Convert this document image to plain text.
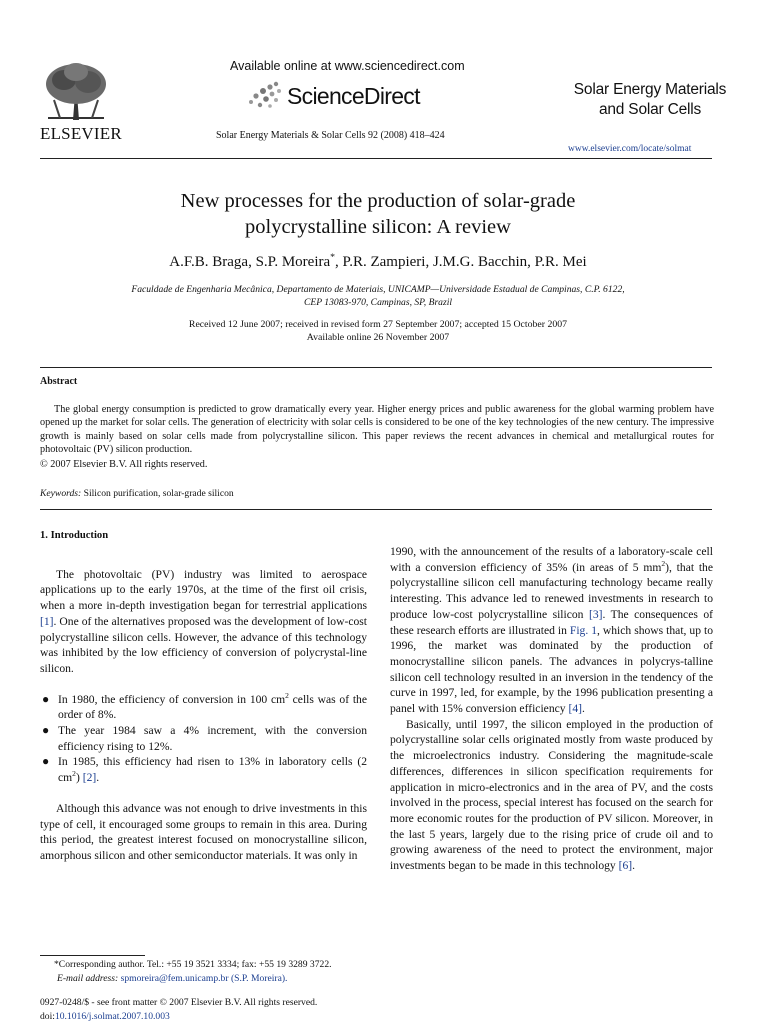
ELSEVIER
Available online at www.sciencedirect.com
ScienceDirect
Solar Energy Materials & Solar Cells 92 (2008) 418–424
Solar Energy Materials
and Solar Cells
www.elsevier.com/locate/solmat
New processes for the production of solar-grade
polycrystalline silicon: A review
A.F.B. Braga, S.P. Moreira*, P.R. Zampieri, J.M.G. Bacchin, P.R. Mei
Faculdade de Engenharia Mecânica, Departamento de Materiais, UNICAMP—Universidade Estadual de Campinas, C.P. 6122,
CEP 13083-970, Campinas, SP, Brazil
Received 12 June 2007; received in revised form 27 September 2007; accepted 15 October 2007
Available online 26 November 2007
Abstract
The global energy consumption is predicted to grow dramatically every year. Higher energy prices and public awareness for the global warming problem have opened up the market for solar cells. The generation of electricity with solar cells is considered to be one of the key technologies of the new century. The impressive growth is mainly based on solar cells made from polycrystalline silicon. This paper reviews the recent advances in chemical and metallurgical routes for photovoltaic (PV) silicon production.
© 2007 Elsevier B.V. All rights reserved.
Keywords: Silicon purification, solar-grade silicon
1. Introduction

The photovoltaic (PV) industry was limited to aerospace applications up to the early 1970s, at the time of the first oil crisis, when a more in-depth investigation began for terrestrial applications [1]. One of the alternatives proposed was the development of low-cost polycrystalline silicon cells. However, the advance of this technology was inhibited by the low efficiency of conversion of polycrystal-line silicon.

● In 1980, the efficiency of conversion in 100 $cm^2$ cells was of the order of 8%.
● The year 1984 saw a 4% increment, with the conversion efficiency rising to 12%.
● In 1985, this efficiency had risen to 13% in laboratory cells (2 $cm^2$) [2].

Although this advance was not enough to drive investments in this type of cell, it encouraged some groups to remain in this area. During this period, the greatest interest focused on monocrystalline silicon, amorphous silicon and other semiconductor materials. It was only in

1990, with the announcement of the results of a laboratory-scale cell with a conversion efficiency of 35% (in areas of 5 $mm^2$), that the polycrystalline silicon cell manufacturing technology became really interesting. This advance led to renewed investments in research to produce low-cost polycrystalline silicon [3]. The consequences of these research efforts are illustrated in Fig. 1, which shows that, up to 1996, the market was dominated by the production of monocrystalline silicon panels. The advances in polycrys-talline silicon cell technology resulted in an inversion in the tendency of the curve in 1997, led, for example, by the 1996 publication presenting a panel with 15% conversion efficiency [4].

Basically, until 1997, the silicon employed in the production of polycrystalline solar cells originated mostly from waste produced by the microelectronics industry. Considering the magnitude-scale differences, differences in silicon specification requirements for application in micro-electronics and in the area of PV, and the costs involved in the process, special interest has focused on the search for more economic routes for the production of PV silicon. Moreover, in the last 5 years, largely due to the rising price of crude oil and to growing awareness of the need to protect the environment, major investments began to be made in this technology [6].

*Corresponding author. Tel.: +55 19 3521 3334; fax: +55 19 3289 3722.
E-mail address: spmoreira@fem.unicamp.br (S.P. Moreira).
0927-0248/$ - see front matter © 2007 Elsevier B.V. All rights reserved.
doi:10.1016/j.solmat.2007.10.003
